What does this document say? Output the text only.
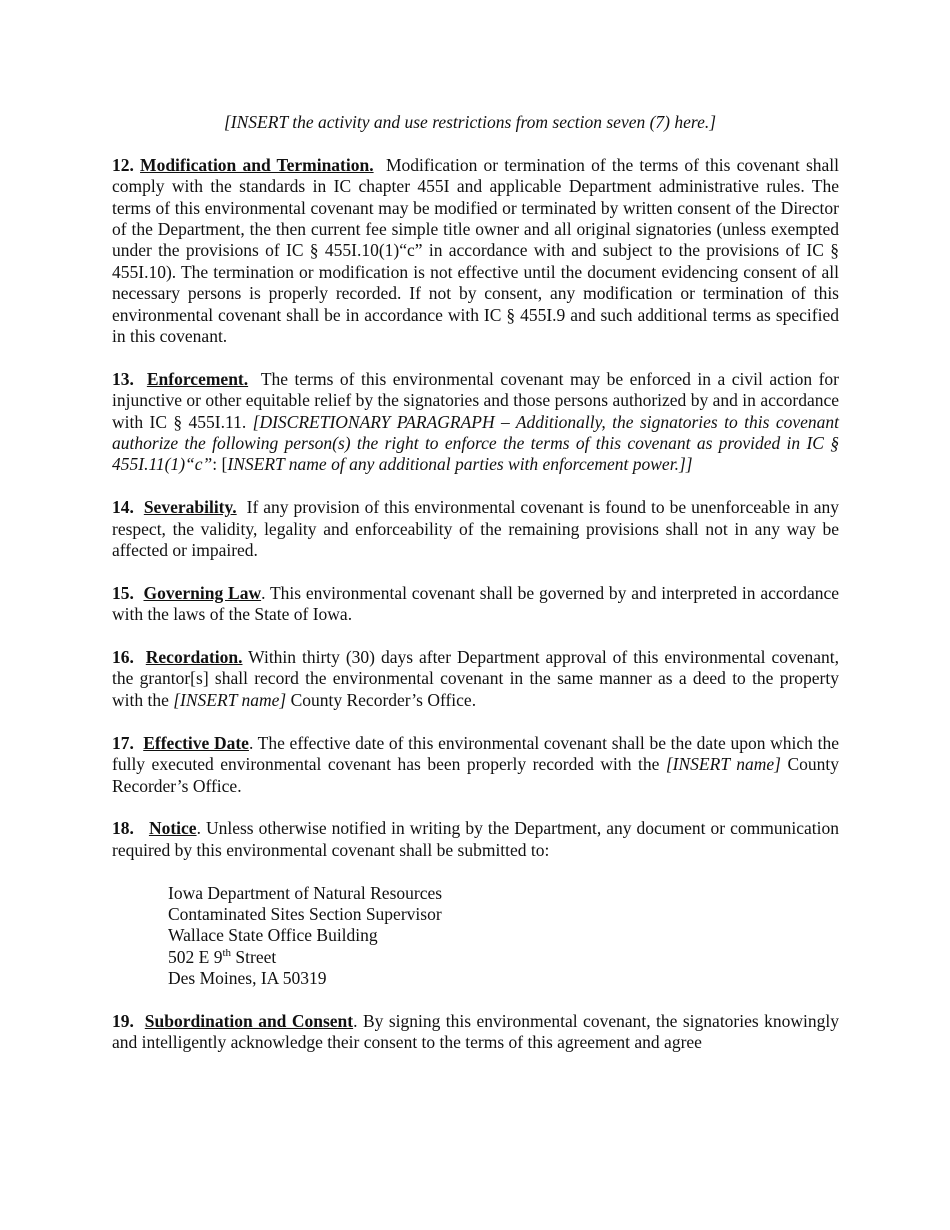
[INSERT the activity and use restrictions from section seven (7) here.]

12. Modification and Termination. Modification or termination of the terms of this covenant shall comply with the standards in IC chapter 455I and applicable Department administrative rules. The terms of this environmental covenant may be modified or terminated by written consent of the Director of the Department, the then current fee simple title owner and all original signatories (unless exempted under the provisions of IC § 455I.10(1)“c” in accordance with and subject to the provisions of IC § 455I.10). The termination or modification is not effective until the document evidencing consent of all necessary persons is properly recorded. If not by consent, any modification or termination of this environmental covenant shall be in accordance with IC § 455I.9 and such additional terms as specified in this covenant.

13. Enforcement. The terms of this environmental covenant may be enforced in a civil action for injunctive or other equitable relief by the signatories and those persons authorized by and in accordance with IC § 455I.11. [DISCRETIONARY PARAGRAPH – Additionally, the signatories to this covenant authorize the following person(s) the right to enforce the terms of this covenant as provided in IC § 455I.11(1)“c”: [INSERT name of any additional parties with enforcement power.]]

14. Severability. If any provision of this environmental covenant is found to be unenforceable in any respect, the validity, legality and enforceability of the remaining provisions shall not in any way be affected or impaired.

15. Governing Law. This environmental covenant shall be governed by and interpreted in accordance with the laws of the State of Iowa.

16. Recordation. Within thirty (30) days after Department approval of this environmental covenant, the grantor[s] shall record the environmental covenant in the same manner as a deed to the property with the [INSERT name] County Recorder’s Office.

17. Effective Date. The effective date of this environmental covenant shall be the date upon which the fully executed environmental covenant has been properly recorded with the [INSERT name] County Recorder’s Office.

18. Notice. Unless otherwise notified in writing by the Department, any document or communication required by this environmental covenant shall be submitted to:

Iowa Department of Natural Resources
Contaminated Sites Section Supervisor
Wallace State Office Building
502 E 9th Street
Des Moines, IA 50319

19. Subordination and Consent. By signing this environmental covenant, the signatories knowingly and intelligently acknowledge their consent to the terms of this agreement and agree
